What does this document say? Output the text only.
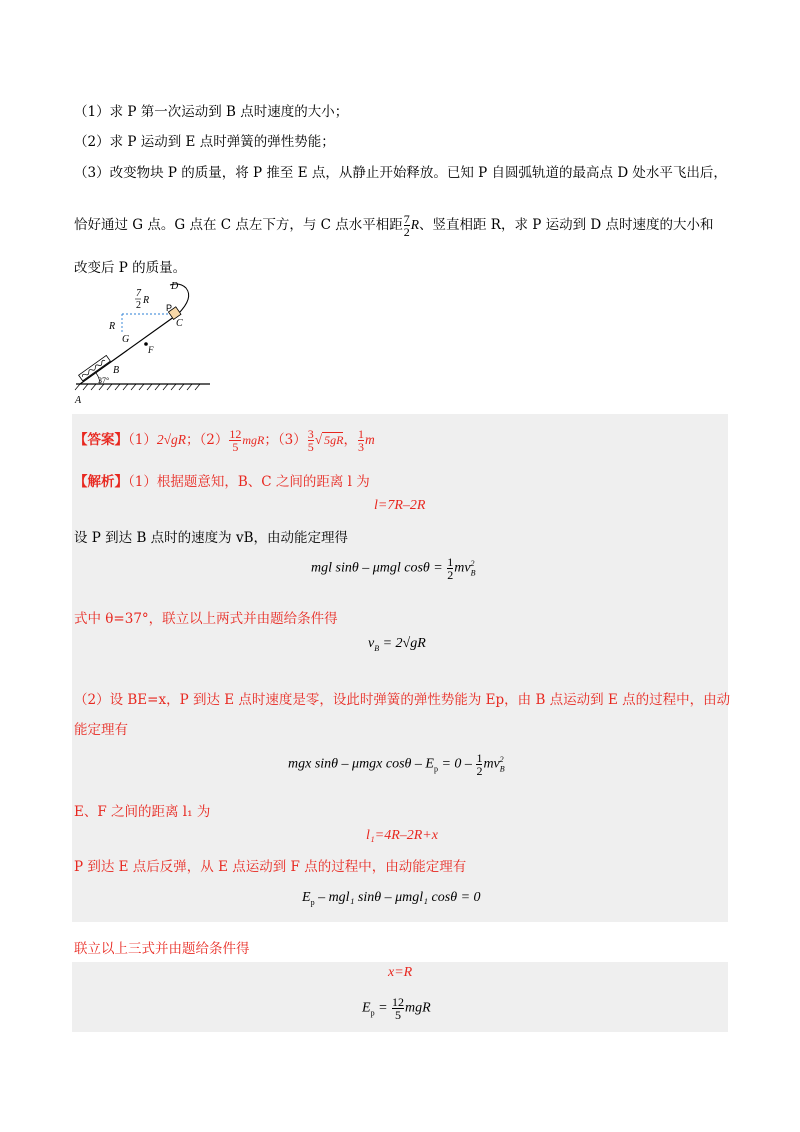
（1）求 P 第一次运动到 B 点时速度的大小；
（2）求 P 运动到 E 点时弹簧的弹性势能；
（3）改变物块 P 的质量，将 P 推至 E 点，从静止开始释放。已知 P 自圆弧轨道的最高点 D 处水平飞出后，
恰好通过 G 点。G 点在 C 点左下方，与 C 点水平相距 $\frac{7}{2}$ R、竖直相距 R，求 P 运动到 D 点时速度的大小和
改变后 P 的质量。
7
2 R
D
P
C
R
G
F
B
A
37°
【答案】（1）2√gR；$(2) \frac{12}{5}$ mgR；$(3) \frac{3}{5}$ √ 5gR， $\frac{1}{3}$ m
【解析】（1）根据题意知，B、C 之间的距离 l 为
l=7R–2R
设 P 到达 B 点时的速度为 vB，由动能定理得
mgl sinθ – μmgl $\cos\theta = \frac{1}{2} mv_B^2$
式中 θ=37°，联立以上两式并由题给条件得
$v_B = 2√gR$
（2）设 BE=x，P 到达 E 点时速度是零，设此时弹簧的弹性势能为 Ep，由 B 点运动到 E 点的过程中，由动
能定理有
mgx sinθ – μmgx $\cos\theta - E_p = 0 - \frac{1}{2} mv_B^2$
E、F 之间的距离 l₁ 为
l₁=4R–2R+x
P 到达 E 点后反弹，从 E 点运动到 F 点的过程中，由动能定理有
$E_p - mgl_1$ sinθ – μmgl₁ cosθ = 0
联立以上三式并由题给条件得
x=R
$E_p = \frac{12}{5}$ mgR
